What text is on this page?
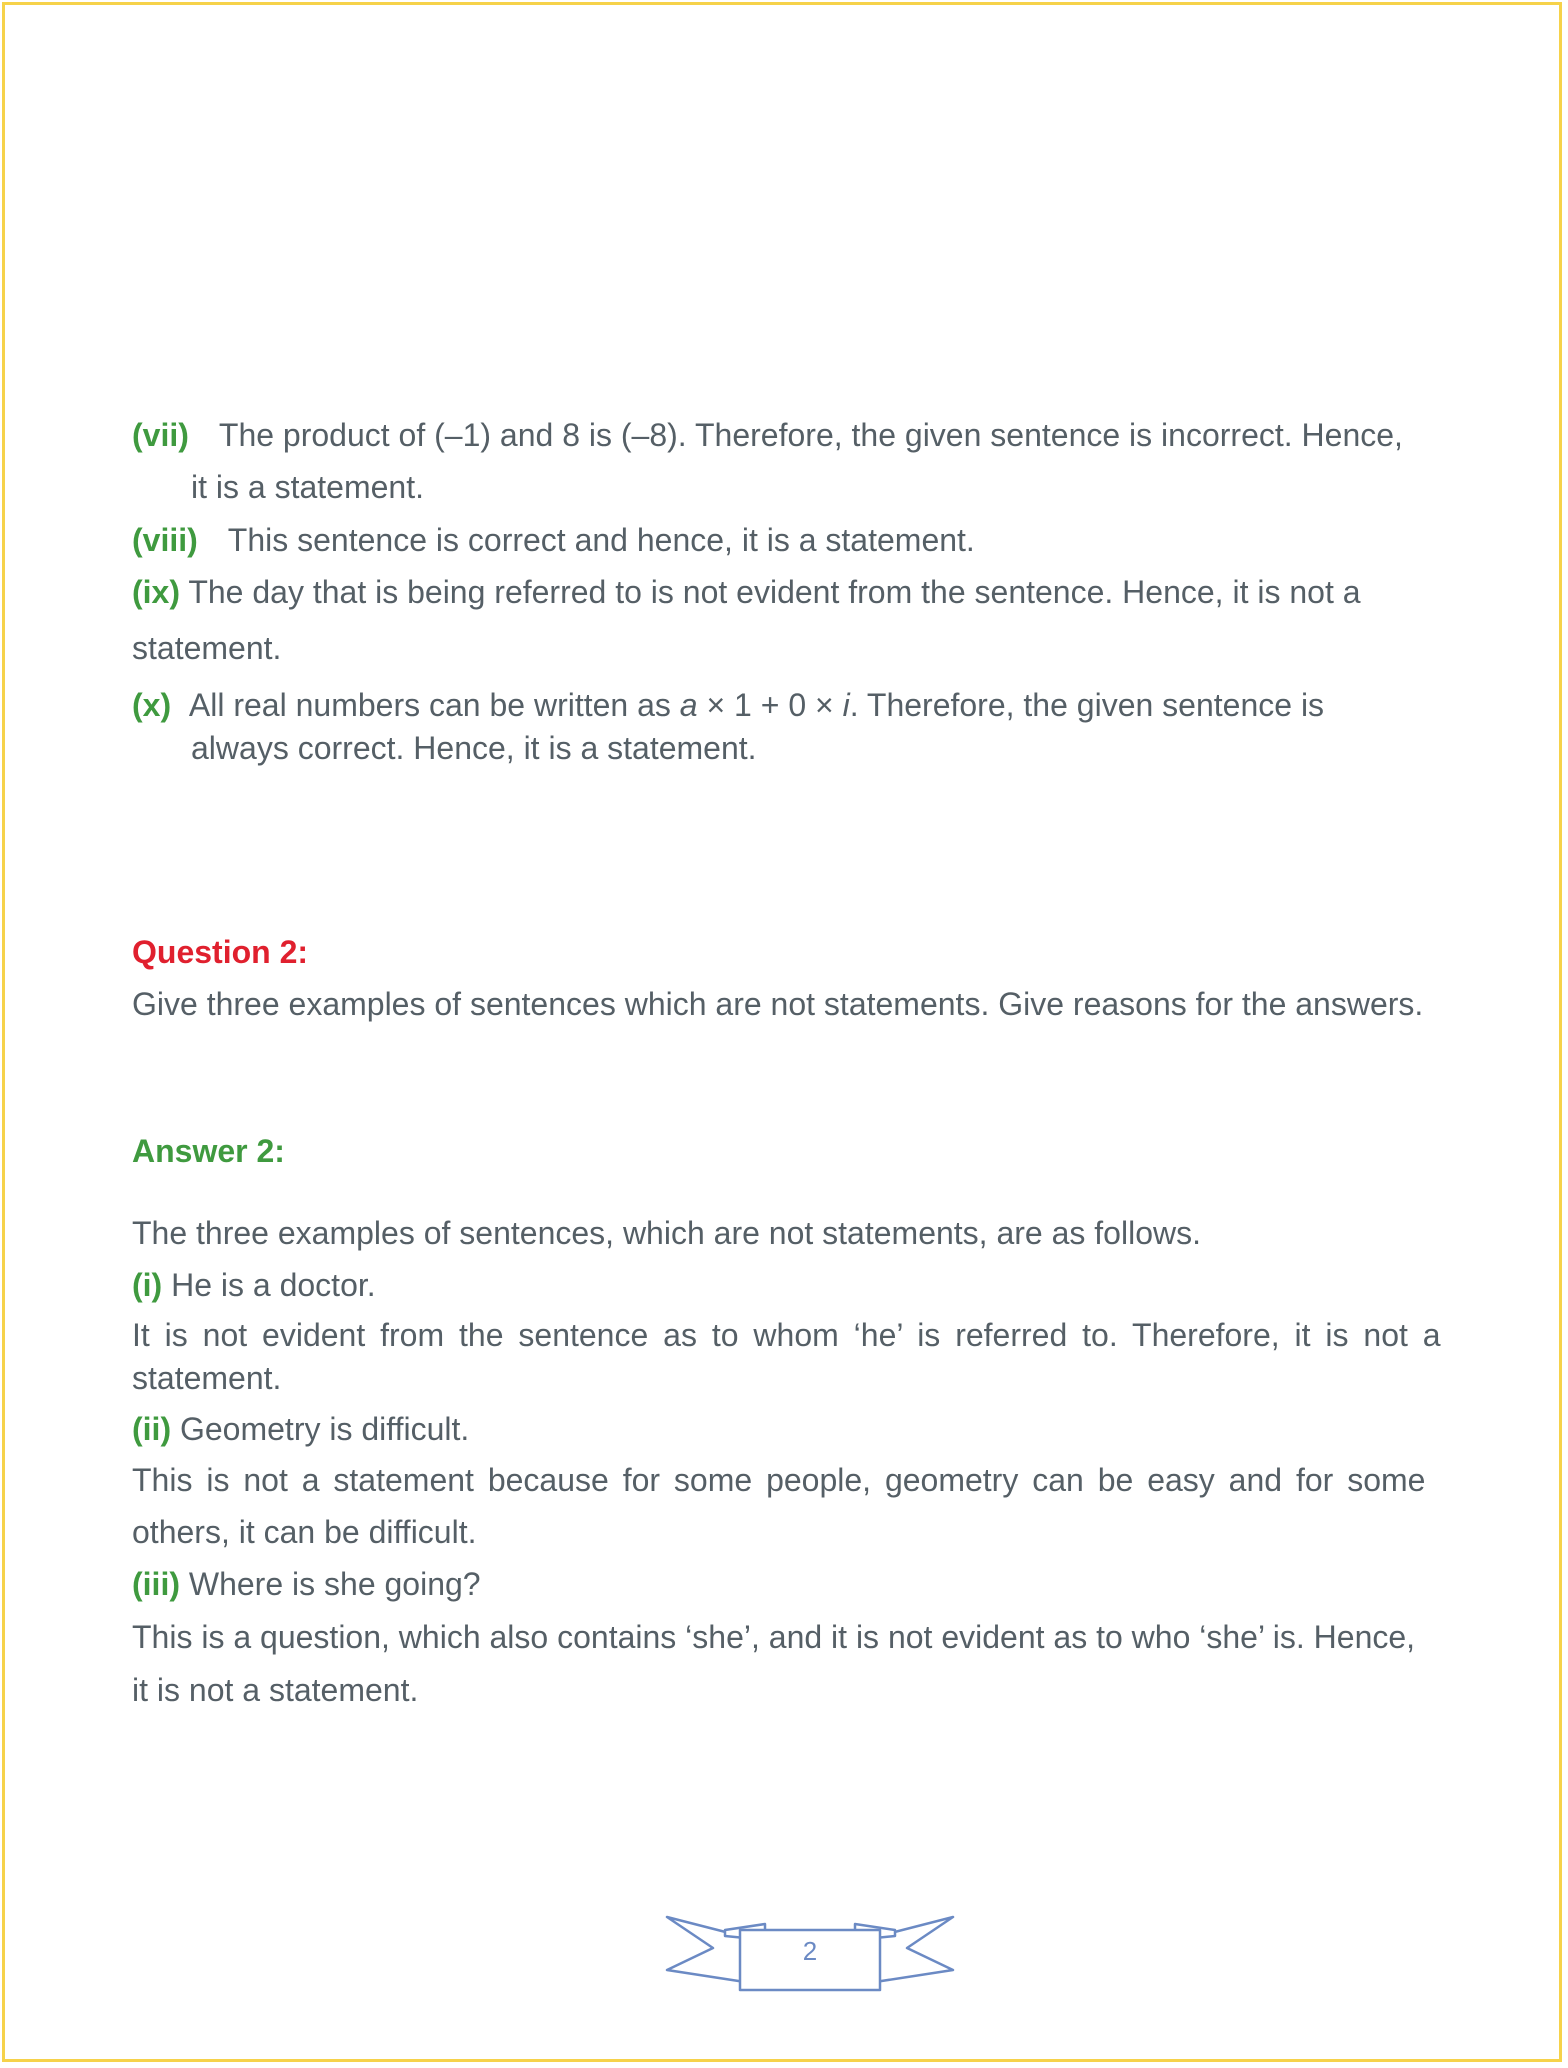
(vii) The product of (–1) and 8 is (–8). Therefore, the given sentence is incorrect. Hence,
it is a statement.
(viii) This sentence is correct and hence, it is a statement.
(ix) The day that is being referred to is not evident from the sentence. Hence, it is not a
statement.
(x) All real numbers can be written as a × 1 + 0 × i. Therefore, the given sentence is
always correct. Hence, it is a statement.
Question 2:
Give three examples of sentences which are not statements. Give reasons for the answers.
Answer 2:
The three examples of sentences, which are not statements, are as follows.
(i) He is a doctor.
It is not evident from the sentence as to whom ‘he’ is referred to. Therefore, it is not a
statement.
(ii) Geometry is difficult.
This is not a statement because for some people, geometry can be easy and for some
others, it can be difficult.
(iii) Where is she going?
This is a question, which also contains ‘she’, and it is not evident as to who ‘she’ is. Hence,
it is not a statement.
2
